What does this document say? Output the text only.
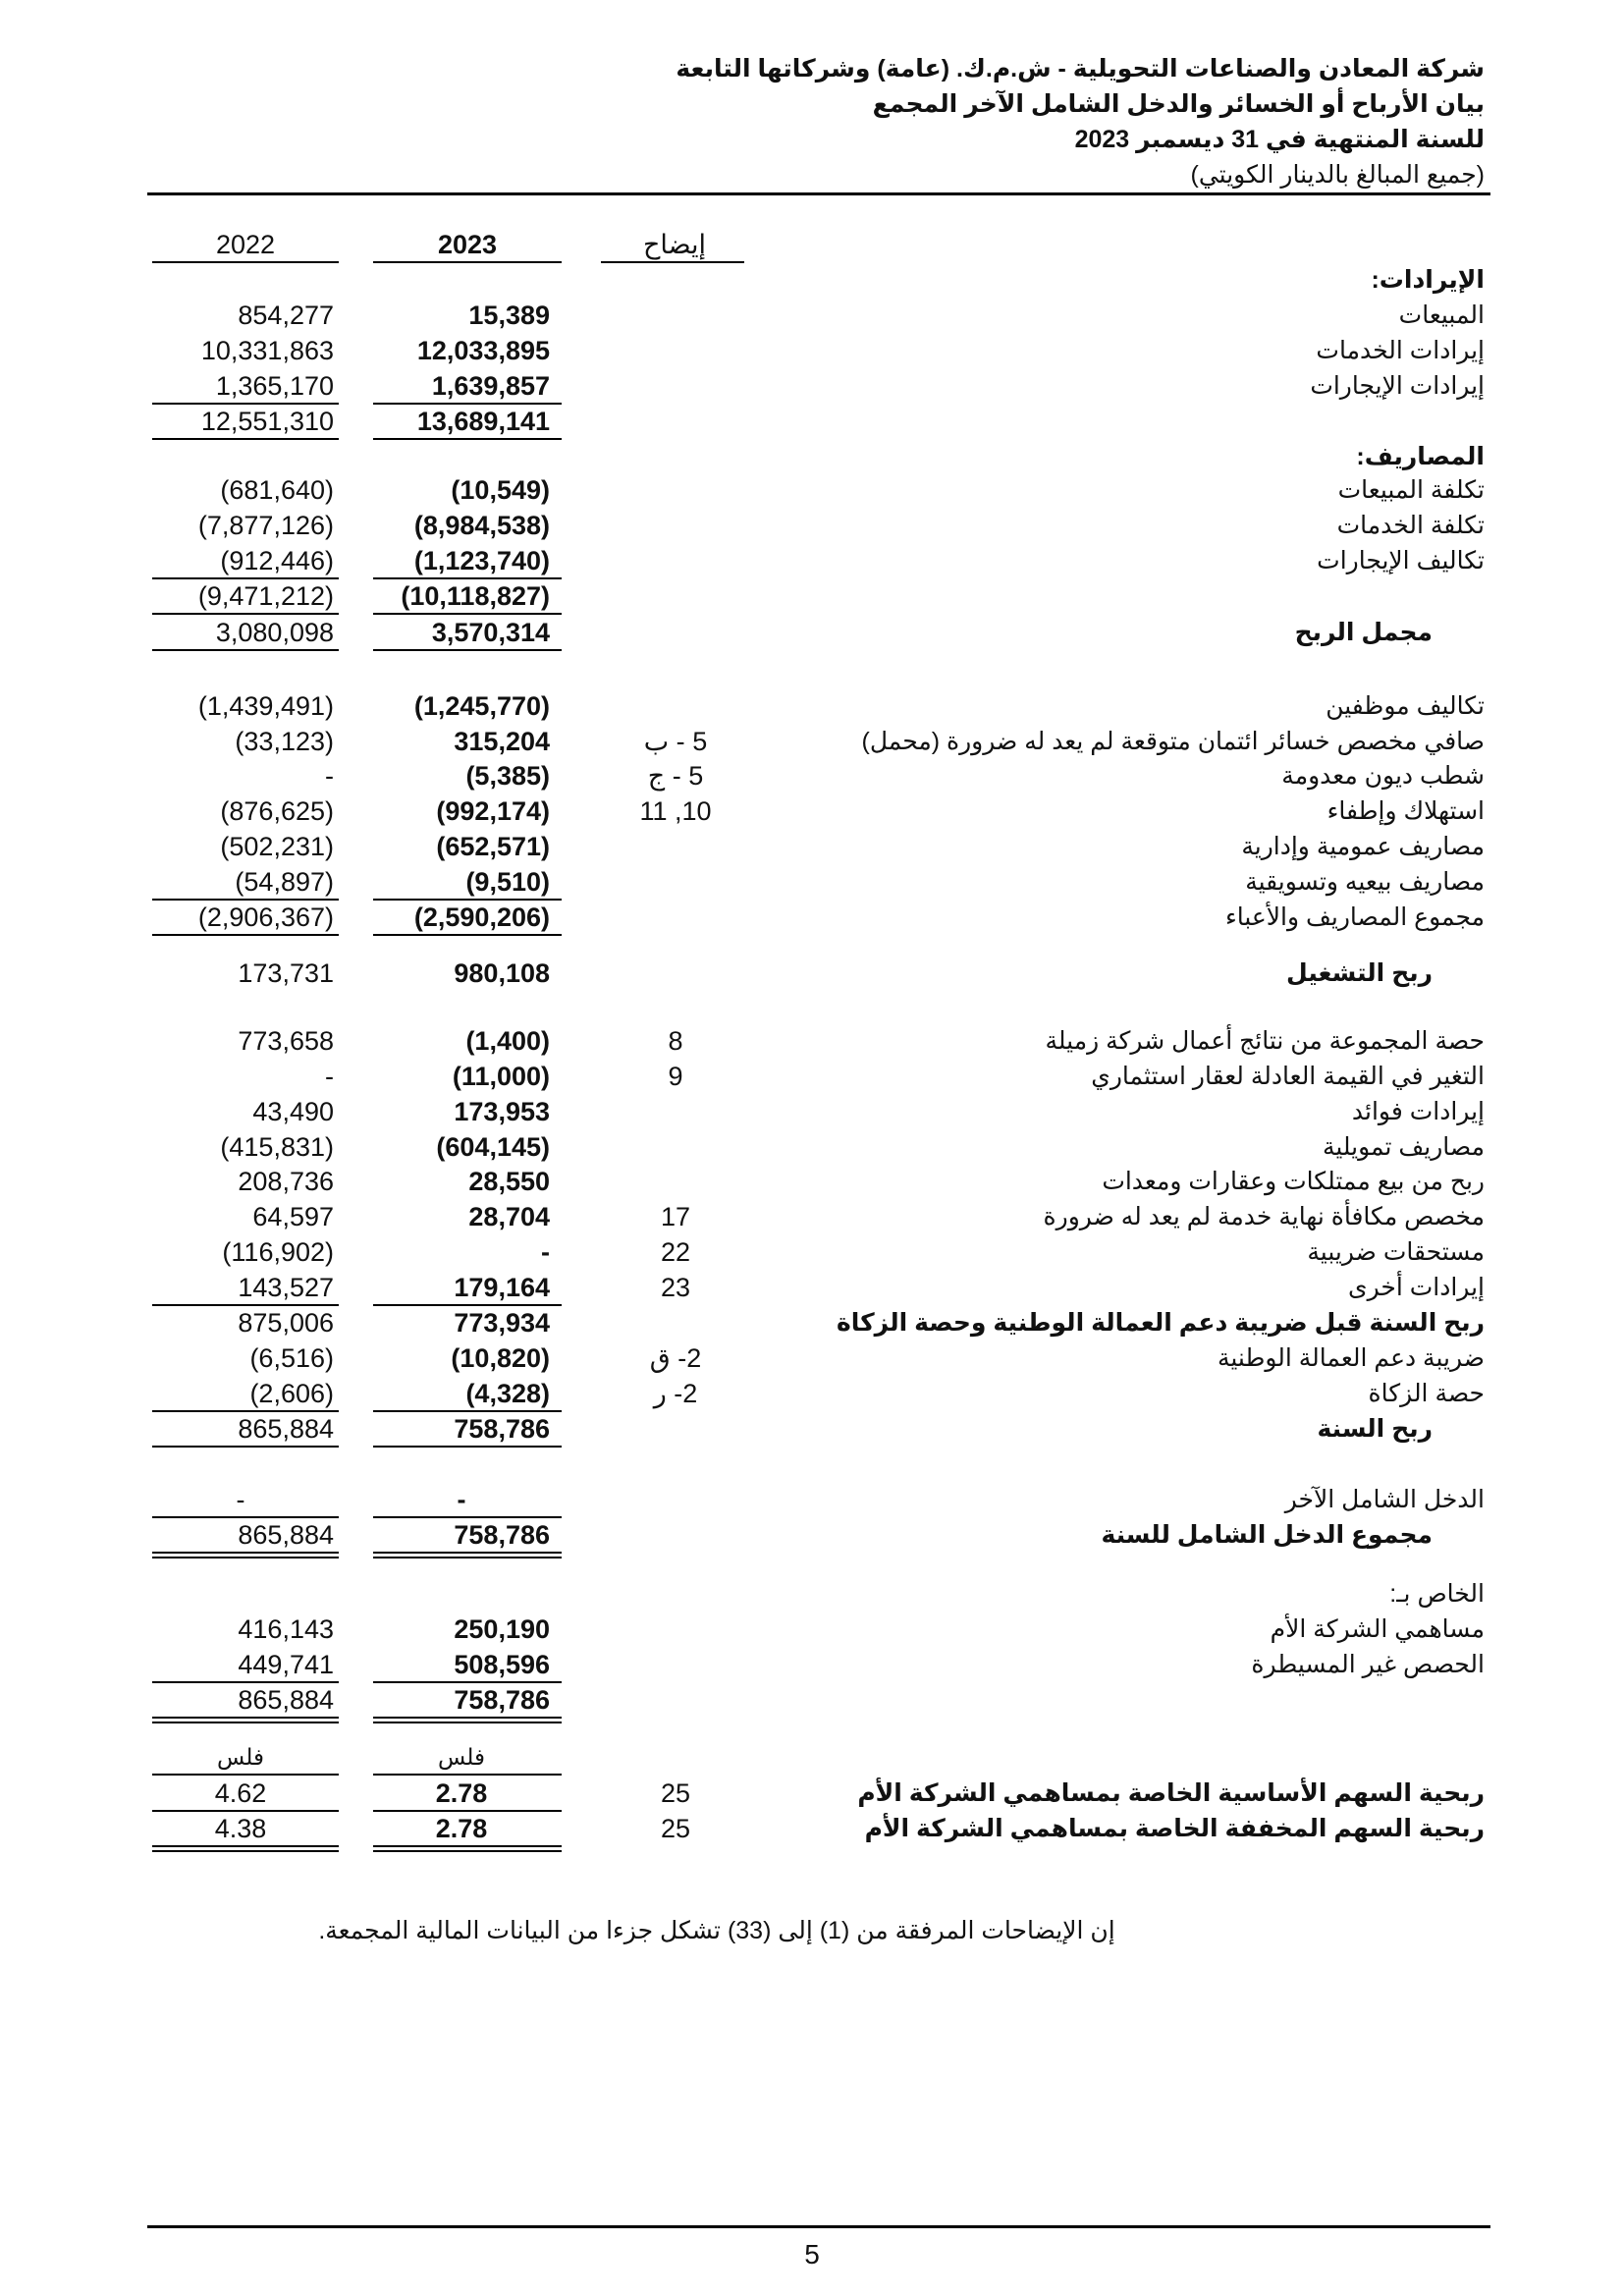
شركة المعادن والصناعات التحويلية - ش.م.ك. (عامة) وشركاتها التابعة
بيان الأرباح أو الخسائر والدخل الشامل الآخر المجمع
للسنة المنتهية في 31 ديسمبر 2023
(جميع المبالغ بالدينار الكويتي)
إيضاح
2023
2022
الإيرادات:
المبيعات
15,389
854,277
إيرادات الخدمات
12,033,895
10,331,863
إيرادات الإيجارات
1,639,857
1,365,170
13,689,141
12,551,310
المصاريف:
تكلفة المبيعات
(10,549)
(681,640)
تكلفة الخدمات
(8,984,538)
(7,877,126)
تكاليف الإيجارات
(1,123,740)
(912,446)
(10,118,827)
(9,471,212)
مجمل الربح
3,570,314
3,080,098
تكاليف موظفين
(1,245,770)
(1,439,491)
صافي مخصص خسائر ائتمان متوقعة لم يعد له ضرورة (محمل)
5 - ب
315,204
(33,123)
شطب ديون معدومة
5 - ج
(5,385)
-
استهلاك وإطفاء
10, 11
(992,174)
(876,625)
مصاريف عمومية وإدارية
(652,571)
(502,231)
مصاريف بيعيه وتسويقية
(9,510)
(54,897)
مجموع المصاريف والأعباء
(2,590,206)
(2,906,367)
ربح التشغيل
980,108
173,731
حصة المجموعة من نتائج أعمال شركة زميلة
8
(1,400)
773,658
التغير في القيمة العادلة لعقار استثماري
9
(11,000)
-
إيرادات فوائد
173,953
43,490
مصاريف تمويلية
(604,145)
(415,831)
ربح من بيع ممتلكات وعقارات ومعدات
28,550
208,736
مخصص مكافأة نهاية خدمة لم يعد له ضرورة
17
28,704
64,597
مستحقات ضريبية
22
-
(116,902)
إيرادات أخرى
23
179,164
143,527
ربح السنة قبل ضريبة دعم العمالة الوطنية وحصة الزكاة
773,934
875,006
ضريبة دعم العمالة الوطنية
2- ق
(10,820)
(6,516)
حصة الزكاة
2- ر
(4,328)
(2,606)
ربح السنة
758,786
865,884
الدخل الشامل الآخر
-
-
مجموع الدخل الشامل للسنة
758,786
865,884
الخاص بـ:
مساهمي الشركة الأم
250,190
416,143
الحصص غير المسيطرة
508,596
449,741
758,786
865,884
فلس
فلس
ربحية السهم الأساسية الخاصة بمساهمي الشركة الأم
25
2.78
4.62
ربحية السهم المخففة الخاصة بمساهمي الشركة الأم
25
2.78
4.38
إن الإيضاحات المرفقة من (1) إلى (33) تشكل جزءا من البيانات المالية المجمعة.
5
